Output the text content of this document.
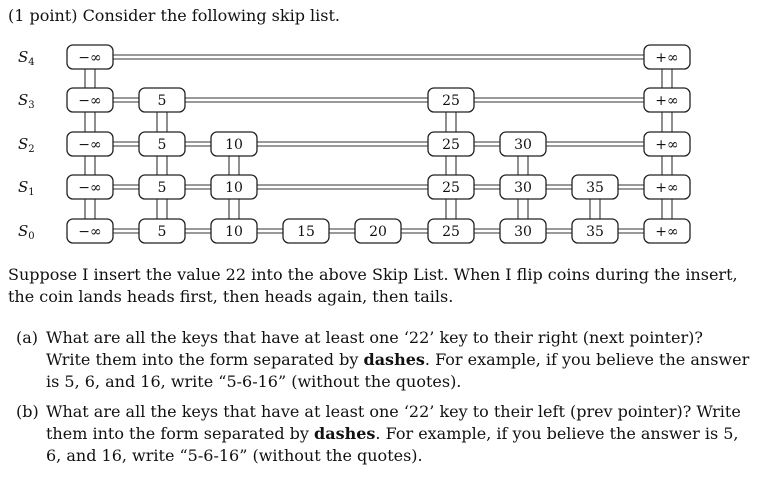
(1 point) Consider the following skip list.
−∞	+∞
−∞	5	25	+∞
−∞	5	10	25	30	+∞
−∞	5	10	25	30	35	+∞
−∞	5	10	15	20	25	30	35	+∞
$S_4$
$S_3$
$S_2$
$S_1$
$S_0$
Suppose I insert the value 22 into the above Skip List. When I flip coins during the insert,
the coin lands heads first, then heads again, then tails.
(a) What are all the keys that have at least one ‘22’ key to their right (next pointer)? Write them into the form separated by dashes. For example, if you believe the answer is 5, 6, and 16, write “5-6-16” (without the quotes).
(b) What are all the keys that have at least one ‘22’ key to their left (prev pointer)? Write them into the form separated by dashes. For example, if you believe the answer is 5, 6, and 16, write “5-6-16” (without the quotes).
